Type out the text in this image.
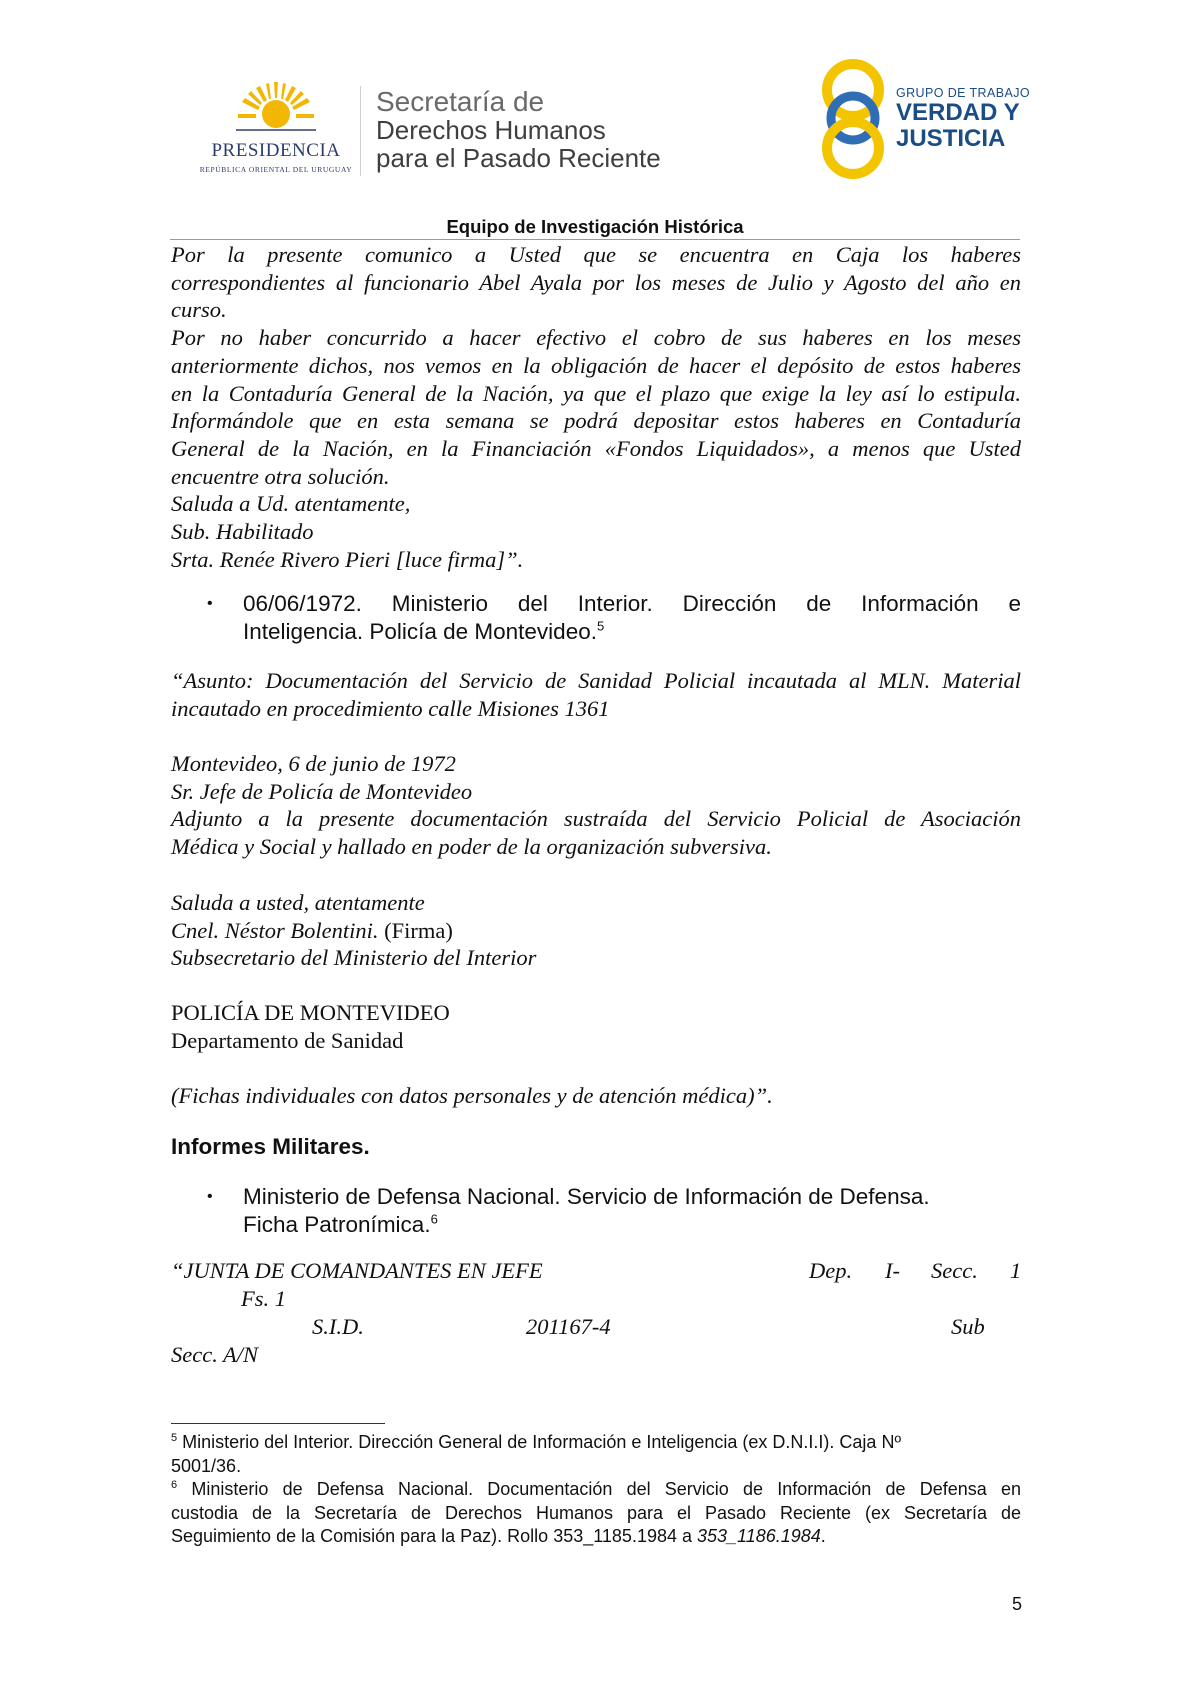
PRESIDENCIA
REPÚBLICA ORIENTAL DEL URUGUAY
Secretaría de
Derechos Humanos
para el Pasado Reciente
GRUPO DE TRABAJO
VERDAD Y
JUSTICIA
Equipo de Investigación Histórica
Por la presente comunico a Usted que se encuentra en Caja los haberes
correspondientes al funcionario Abel Ayala por los meses de Julio y Agosto del año en
curso.
Por no haber concurrido a hacer efectivo el cobro de sus haberes en los meses
anteriormente dichos, nos vemos en la obligación de hacer el depósito de estos haberes
en la Contaduría General de la Nación, ya que el plazo que exige la ley así lo estipula.
Informándole que en esta semana se podrá depositar estos haberes en Contaduría
General de la Nación, en la Financiación «Fondos Liquidados», a menos que Usted
encuentre otra solución.
Saluda a Ud. atentamente,
Sub. Habilitado
Srta. Renée Rivero Pieri [luce firma]”.
• 06/06/1972. Ministerio del Interior. Dirección de Información e
Inteligencia. Policía de Montevideo.$^5$
“Asunto: Documentación del Servicio de Sanidad Policial incautada al MLN. Material
incautado en procedimiento calle Misiones 1361
Montevideo, 6 de junio de 1972
Sr. Jefe de Policía de Montevideo
Adjunto a la presente documentación sustraída del Servicio Policial de Asociación
Médica y Social y hallado en poder de la organización subversiva.
Saluda a usted, atentamente
Cnel. Néstor Bolentini. (Firma)
Subsecretario del Ministerio del Interior
POLICÍA DE MONTEVIDEO
Departamento de Sanidad
(Fichas individuales con datos personales y de atención médica)”.
Informes Militares.
• Ministerio de Defensa Nacional. Servicio de Información de Defensa.
Ficha Patronímica.$^6$
“JUNTA DE COMANDANTES EN JEFE	Dep. I- Secc. 1
Fs. 1
S.I.D.	201167-4	Sub
Secc. A/N
$^5$ Ministerio del Interior. Dirección General de Información e Inteligencia (ex D.N.I.I). Caja Nº
5001/36.
$^6$ Ministerio de Defensa Nacional. Documentación del Servicio de Información de Defensa en
custodia de la Secretaría de Derechos Humanos para el Pasado Reciente (ex Secretaría de
Seguimiento de la Comisión para la Paz). Rollo 353_1185.1984 a 353_1186.1984.
5
